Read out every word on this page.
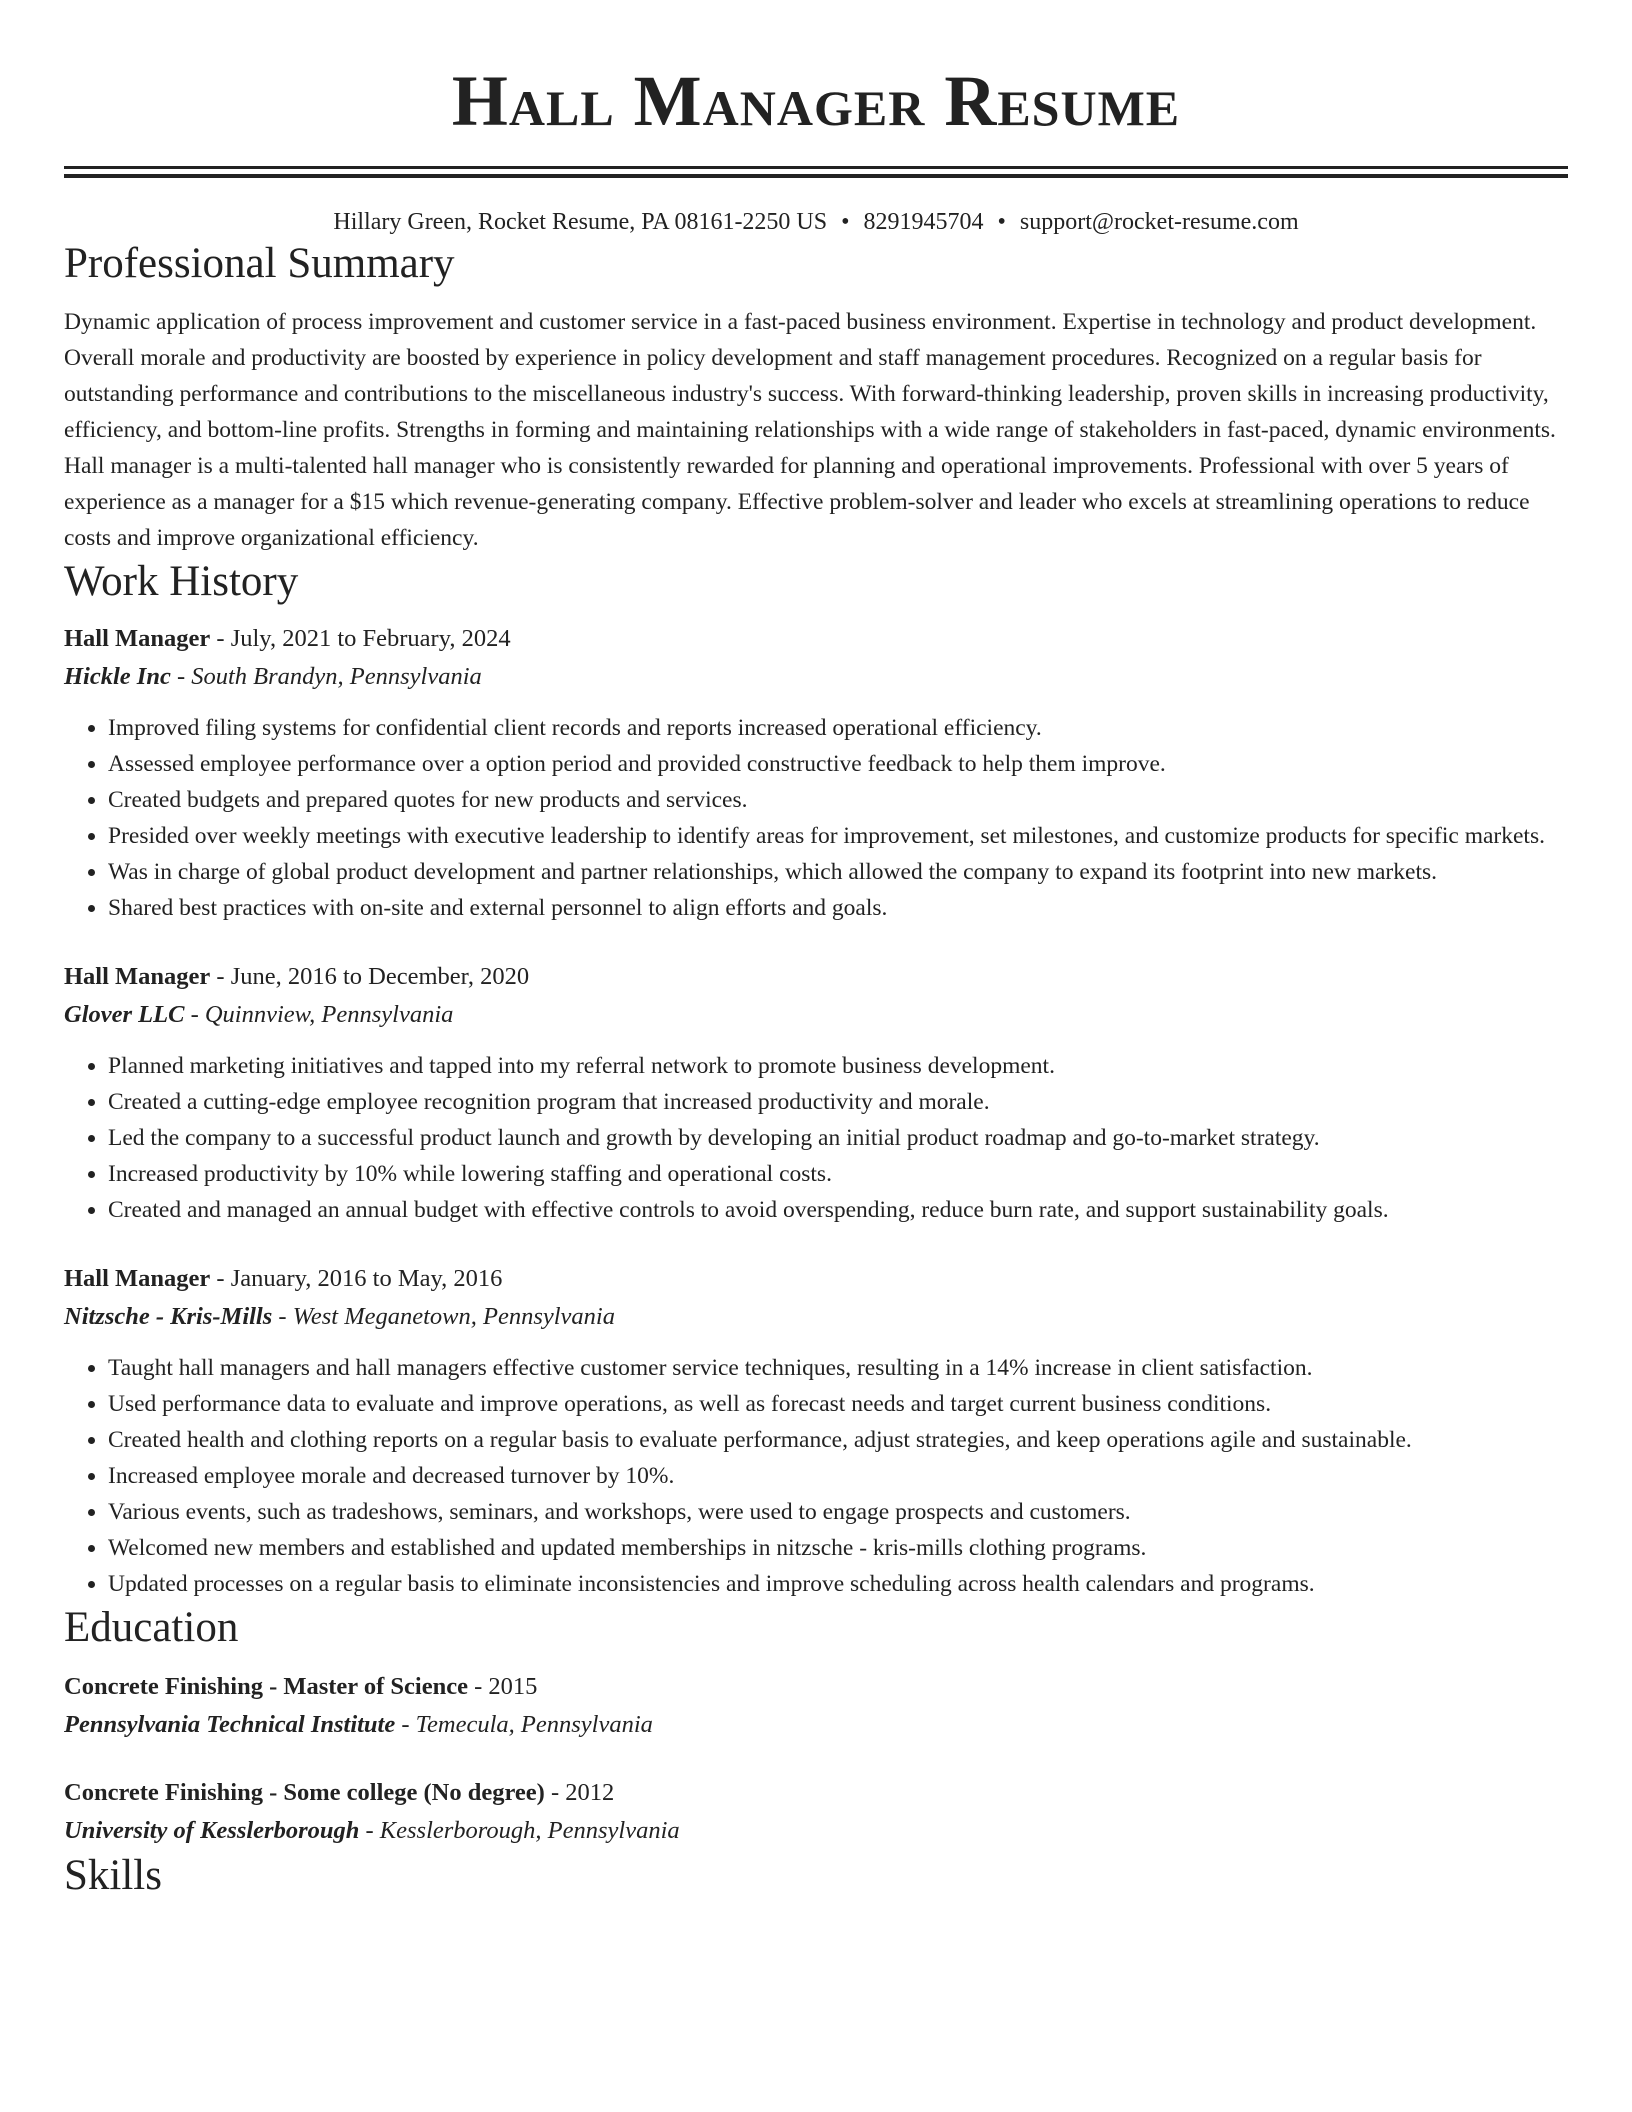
Hall Manager Resume
Hillary Green, Rocket Resume, PA 08161-2250 US • 8291945704 • support@rocket-resume.com
Professional Summary

Dynamic application of process improvement and customer service in a fast-paced business environment. Expertise in technology and product development. Overall morale and productivity are boosted by experience in policy development and staff management procedures. Recognized on a regular basis for outstanding performance and contributions to the miscellaneous industry's success. With forward-thinking leadership, proven skills in increasing productivity, efficiency, and bottom-line profits. Strengths in forming and maintaining relationships with a wide range of stakeholders in fast-paced, dynamic environments. Hall manager is a multi-talented hall manager who is consistently rewarded for planning and operational improvements. Professional with over 5 years of experience as a manager for a $15 which revenue-generating company. Effective problem-solver and leader who excels at streamlining operations to reduce costs and improve organizational efficiency.

Work History
Hall Manager - July, 2021 to February, 2024
Hickle Inc - South Brandyn, Pennsylvania
• Improved filing systems for confidential client records and reports increased operational efficiency.
• Assessed employee performance over a option period and provided constructive feedback to help them improve.
• Created budgets and prepared quotes for new products and services.
• Presided over weekly meetings with executive leadership to identify areas for improvement, set milestones, and customize products for specific markets.
• Was in charge of global product development and partner relationships, which allowed the company to expand its footprint into new markets.
• Shared best practices with on-site and external personnel to align efforts and goals.
Hall Manager - June, 2016 to December, 2020
Glover LLC - Quinnview, Pennsylvania
• Planned marketing initiatives and tapped into my referral network to promote business development.
• Created a cutting-edge employee recognition program that increased productivity and morale.
• Led the company to a successful product launch and growth by developing an initial product roadmap and go-to-market strategy.
• Increased productivity by 10% while lowering staffing and operational costs.
• Created and managed an annual budget with effective controls to avoid overspending, reduce burn rate, and support sustainability goals.
Hall Manager - January, 2016 to May, 2016
Nitzsche - Kris-Mills - West Meganetown, Pennsylvania
• Taught hall managers and hall managers effective customer service techniques, resulting in a 14% increase in client satisfaction.
• Used performance data to evaluate and improve operations, as well as forecast needs and target current business conditions.
• Created health and clothing reports on a regular basis to evaluate performance, adjust strategies, and keep operations agile and sustainable.
• Increased employee morale and decreased turnover by 10%.
• Various events, such as tradeshows, seminars, and workshops, were used to engage prospects and customers.
• Welcomed new members and established and updated memberships in nitzsche - kris-mills clothing programs.
• Updated processes on a regular basis to eliminate inconsistencies and improve scheduling across health calendars and programs.
Education
Concrete Finishing - Master of Science - 2015
Pennsylvania Technical Institute - Temecula, Pennsylvania
Concrete Finishing - Some college (No degree) - 2012
University of Kesslerborough - Kesslerborough, Pennsylvania
Skills
